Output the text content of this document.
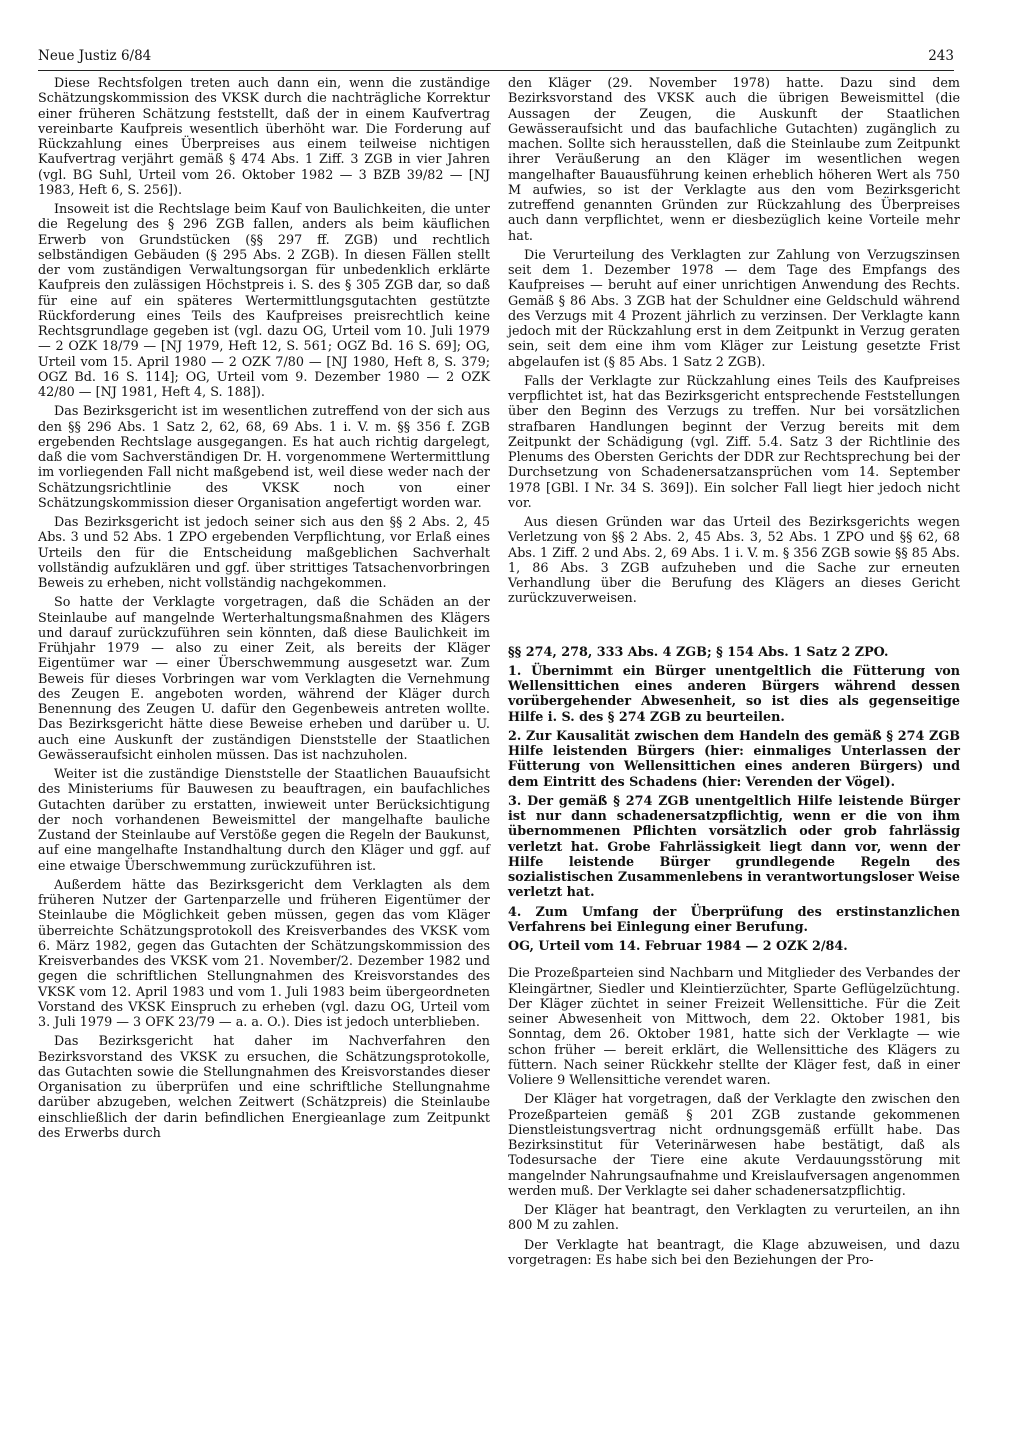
Neue Justiz 6/84	243

Diese Rechtsfolgen treten auch dann ein, wenn die zuständige Schätzungskommission des VKSK durch die nachträgliche Korrektur einer früheren Schätzung feststellt, daß der in einem Kaufvertrag vereinbarte Kaufpreis wesentlich überhöht war. Die Forderung auf Rückzahlung eines Überpreises aus einem teilweise nichtigen Kaufvertrag verjährt gemäß § 474 Abs. 1 Ziff. 3 ZGB in vier Jahren (vgl. BG Suhl, Urteil vom 26. Oktober 1982 — 3 BZB 39/82 — [NJ 1983, Heft 6, S. 256]).

Insoweit ist die Rechtslage beim Kauf von Baulichkeiten, die unter die Regelung des § 296 ZGB fallen, anders als beim käuflichen Erwerb von Grundstücken (§§ 297 ff. ZGB) und rechtlich selbständigen Gebäuden (§ 295 Abs. 2 ZGB). In diesen Fällen stellt der vom zuständigen Verwaltungsorgan für unbedenklich erklärte Kaufpreis den zulässigen Höchstpreis i. S. des § 305 ZGB dar, so daß für eine auf ein späteres Wertermittlungsgutachten gestützte Rückforderung eines Teils des Kaufpreises preisrechtlich keine Rechtsgrundlage gegeben ist (vgl. dazu OG, Urteil vom 10. Juli 1979 — 2 OZK 18/79 — [NJ 1979, Heft 12, S. 561; OGZ Bd. 16 S. 69]; OG, Urteil vom 15. April 1980 — 2 OZK 7/80 — [NJ 1980, Heft 8, S. 379; OGZ Bd. 16 S. 114]; OG, Urteil vom 9. Dezember 1980 — 2 OZK 42/80 — [NJ 1981, Heft 4, S. 188]).

Das Bezirksgericht ist im wesentlichen zutreffend von der sich aus den §§ 296 Abs. 1 Satz 2, 62, 68, 69 Abs. 1 i. V. m. §§ 356 f. ZGB ergebenden Rechtslage ausgegangen. Es hat auch richtig dargelegt, daß die vom Sachverständigen Dr. H. vorgenommene Wertermittlung im vorliegenden Fall nicht maßgebend ist, weil diese weder nach der Schätzungsrichtlinie des VKSK noch von einer Schätzungskommission dieser Organisation angefertigt worden war.

Das Bezirksgericht ist jedoch seiner sich aus den §§ 2 Abs. 2, 45 Abs. 3 und 52 Abs. 1 ZPO ergebenden Verpflichtung, vor Erlaß eines Urteils den für die Entscheidung maßgeblichen Sachverhalt vollständig aufzuklären und ggf. über strittiges Tatsachenvorbringen Beweis zu erheben, nicht vollständig nachgekommen.

So hatte der Verklagte vorgetragen, daß die Schäden an der Steinlaube auf mangelnde Werterhaltungsmaßnahmen des Klägers und darauf zurückzuführen sein könnten, daß diese Baulichkeit im Frühjahr 1979 — also zu einer Zeit, als bereits der Kläger Eigentümer war — einer Überschwemmung ausgesetzt war. Zum Beweis für dieses Vorbringen war vom Verklagten die Vernehmung des Zeugen E. angeboten worden, während der Kläger durch Benennung des Zeugen U. dafür den Gegenbeweis antreten wollte. Das Bezirksgericht hätte diese Beweise erheben und darüber u. U. auch eine Auskunft der zuständigen Dienststelle der Staatlichen Gewässeraufsicht einholen müssen. Das ist nachzuholen.

Weiter ist die zuständige Dienststelle der Staatlichen Bauaufsicht des Ministeriums für Bauwesen zu beauftragen, ein baufachliches Gutachten darüber zu erstatten, inwieweit unter Berücksichtigung der noch vorhandenen Beweismittel der mangelhafte bauliche Zustand der Steinlaube auf Verstöße gegen die Regeln der Baukunst, auf eine mangelhafte Instandhaltung durch den Kläger und ggf. auf eine etwaige Überschwemmung zurückzuführen ist.

Außerdem hätte das Bezirksgericht dem Verklagten als dem früheren Nutzer der Gartenparzelle und früheren Eigentümer der Steinlaube die Möglichkeit geben müssen, gegen das vom Kläger überreichte Schätzungsprotokoll des Kreisverbandes des VKSK vom 6. März 1982, gegen das Gutachten der Schätzungskommission des Kreisverbandes des VKSK vom 21. November/2. Dezember 1982 und gegen die schriftlichen Stellungnahmen des Kreisvorstandes des VKSK vom 12. April 1983 und vom 1. Juli 1983 beim übergeordneten Vorstand des VKSK Einspruch zu erheben (vgl. dazu OG, Urteil vom 3. Juli 1979 — 3 OFK 23/79 — a. a. O.). Dies ist jedoch unterblieben.

Das Bezirksgericht hat daher im Nachverfahren den Bezirksvorstand des VKSK zu ersuchen, die Schätzungsprotokolle, das Gutachten sowie die Stellungnahmen des Kreisvorstandes dieser Organisation zu überprüfen und eine schriftliche Stellungnahme darüber abzugeben, welchen Zeitwert (Schätzpreis) die Steinlaube einschließlich der darin befindlichen Energieanlage zum Zeitpunkt des Erwerbs durch

den Kläger (29. November 1978) hatte. Dazu sind dem Bezirksvorstand des VKSK auch die übrigen Beweismittel (die Aussagen der Zeugen, die Auskunft der Staatlichen Gewässeraufsicht und das baufachliche Gutachten) zugänglich zu machen. Sollte sich herausstellen, daß die Steinlaube zum Zeitpunkt ihrer Veräußerung an den Kläger im wesentlichen wegen mangelhafter Bauausführung keinen erheblich höheren Wert als 750 M aufwies, so ist der Verklagte aus den vom Bezirksgericht zutreffend genannten Gründen zur Rückzahlung des Überpreises auch dann verpflichtet, wenn er diesbezüglich keine Vorteile mehr hat.

Die Verurteilung des Verklagten zur Zahlung von Verzugszinsen seit dem 1. Dezember 1978 — dem Tage des Empfangs des Kaufpreises — beruht auf einer unrichtigen Anwendung des Rechts. Gemäß § 86 Abs. 3 ZGB hat der Schuldner eine Geldschuld während des Verzugs mit 4 Prozent jährlich zu verzinsen. Der Verklagte kann jedoch mit der Rückzahlung erst in dem Zeitpunkt in Verzug geraten sein, seit dem eine ihm vom Kläger zur Leistung gesetzte Frist abgelaufen ist (§ 85 Abs. 1 Satz 2 ZGB).

Falls der Verklagte zur Rückzahlung eines Teils des Kaufpreises verpflichtet ist, hat das Bezirksgericht entsprechende Feststellungen über den Beginn des Verzugs zu treffen. Nur bei vorsätzlichen strafbaren Handlungen beginnt der Verzug bereits mit dem Zeitpunkt der Schädigung (vgl. Ziff. 5.4. Satz 3 der Richtlinie des Plenums des Obersten Gerichts der DDR zur Rechtsprechung bei der Durchsetzung von Schadenersatzansprüchen vom 14. September 1978 [GBl. I Nr. 34 S. 369]). Ein solcher Fall liegt hier jedoch nicht vor.

Aus diesen Gründen war das Urteil des Bezirksgerichts wegen Verletzung von §§ 2 Abs. 2, 45 Abs. 3, 52 Abs. 1 ZPO und §§ 62, 68 Abs. 1 Ziff. 2 und Abs. 2, 69 Abs. 1 i. V. m. § 356 ZGB sowie §§ 85 Abs. 1, 86 Abs. 3 ZGB aufzuheben und die Sache zur erneuten Verhandlung über die Berufung des Klägers an dieses Gericht zurückzuverweisen.

§§ 274, 278, 333 Abs. 4 ZGB; § 154 Abs. 1 Satz 2 ZPO.

1. Übernimmt ein Bürger unentgeltlich die Fütterung von Wellensittichen eines anderen Bürgers während dessen vorübergehender Abwesenheit, so ist dies als gegenseitige Hilfe i. S. des § 274 ZGB zu beurteilen.

2. Zur Kausalität zwischen dem Handeln des gemäß § 274 ZGB Hilfe leistenden Bürgers (hier: einmaliges Unterlassen der Fütterung von Wellensittichen eines anderen Bürgers) und dem Eintritt des Schadens (hier: Verenden der Vögel).

3. Der gemäß § 274 ZGB unentgeltlich Hilfe leistende Bürger ist nur dann schadenersatzpflichtig, wenn er die von ihm übernommenen Pflichten vorsätzlich oder grob fahrlässig verletzt hat. Grobe Fahrlässigkeit liegt dann vor, wenn der Hilfe leistende Bürger grundlegende Regeln des sozialistischen Zusammenlebens in verantwortungsloser Weise verletzt hat.

4. Zum Umfang der Überprüfung des erstinstanzlichen Verfahrens bei Einlegung einer Berufung.

OG, Urteil vom 14. Februar 1984 — 2 OZK 2/84.

Die Prozeßparteien sind Nachbarn und Mitglieder des Verbandes der Kleingärtner, Siedler und Kleintierzüchter, Sparte Geflügelzüchtung. Der Kläger züchtet in seiner Freizeit Wellensittiche. Für die Zeit seiner Abwesenheit von Mittwoch, dem 22. Oktober 1981, bis Sonntag, dem 26. Oktober 1981, hatte sich der Verklagte — wie schon früher — bereit erklärt, die Wellensittiche des Klägers zu füttern. Nach seiner Rückkehr stellte der Kläger fest, daß in einer Voliere 9 Wellensittiche verendet waren.

Der Kläger hat vorgetragen, daß der Verklagte den zwischen den Prozeßparteien gemäß § 201 ZGB zustande gekommenen Dienstleistungsvertrag nicht ordnungsgemäß erfüllt habe. Das Bezirksinstitut für Veterinärwesen habe bestätigt, daß als Todesursache der Tiere eine akute Verdauungsstörung mit mangelnder Nahrungsaufnahme und Kreislaufversagen angenommen werden muß. Der Verklagte sei daher schadenersatzpflichtig.

Der Kläger hat beantragt, den Verklagten zu verurteilen, an ihn 800 M zu zahlen.

Der Verklagte hat beantragt, die Klage abzuweisen, und dazu vorgetragen: Es habe sich bei den Beziehungen der Pro-
